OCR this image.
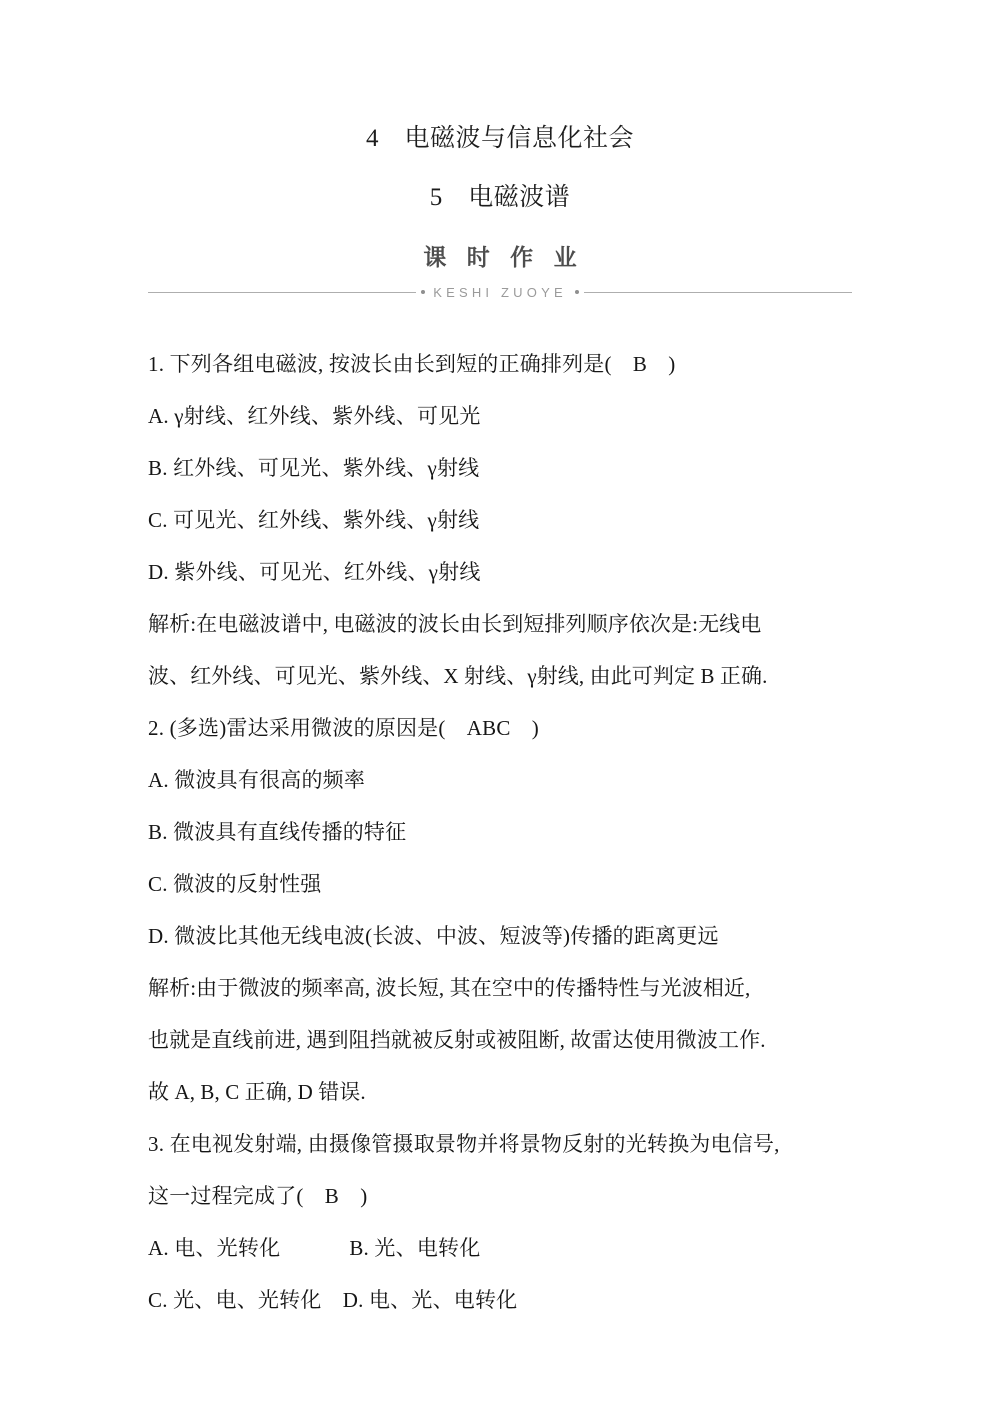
4　电磁波与信息化社会
5　电磁波谱
课 时 作 业
KESHI ZUOYE
1. 下列各组电磁波, 按波长由长到短的正确排列是(　B　)
A. γ射线、红外线、紫外线、可见光
B. 红外线、可见光、紫外线、γ射线
C. 可见光、红外线、紫外线、γ射线
D. 紫外线、可见光、红外线、γ射线
解析:在电磁波谱中, 电磁波的波长由长到短排列顺序依次是:无线电
波、红外线、可见光、紫外线、X 射线、γ射线, 由此可判定 B 正确.
2. (多选)雷达采用微波的原因是(　ABC　)
A. 微波具有很高的频率
B. 微波具有直线传播的特征
C. 微波的反射性强
D. 微波比其他无线电波(长波、中波、短波等)传播的距离更远
解析:由于微波的频率高, 波长短, 其在空中的传播特性与光波相近,
也就是直线前进, 遇到阻挡就被反射或被阻断, 故雷达使用微波工作.
故 A, B, C 正确, D 错误.
3. 在电视发射端, 由摄像管摄取景物并将景物反射的光转换为电信号,
这一过程完成了(　B　)
A. 电、光转化　　　 B. 光、电转化
C. 光、电、光转化　D. 电、光、电转化
